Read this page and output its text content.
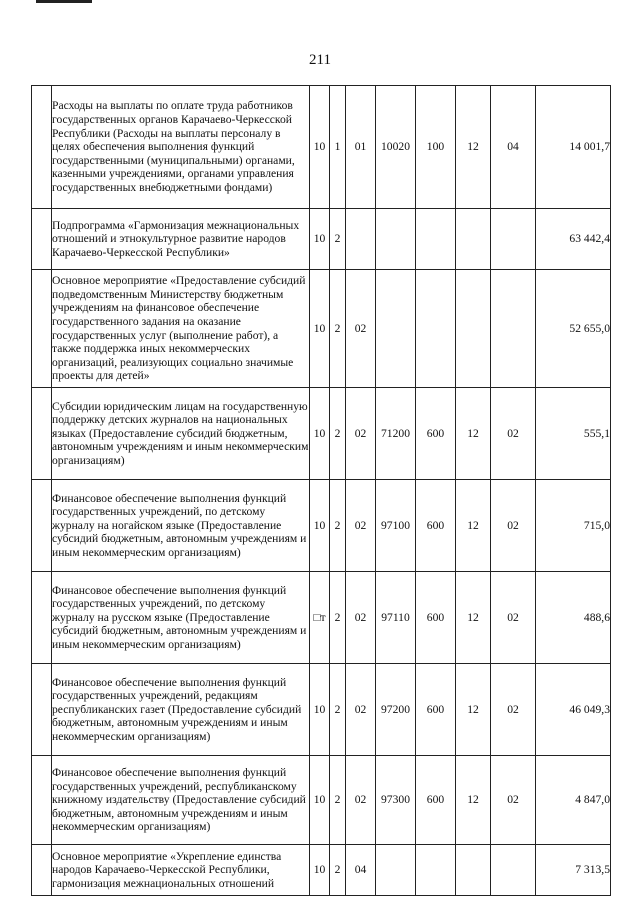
211
	Расходы на выплаты по оплате труда работников государственных органов Карачаево-Черкесской Республики (Расходы на выплаты персоналу в целях обеспечения выполнения функций государственными (муниципальными) органами, казенными учреждениями, органами управления государственных внебюджетными фондами)	10	1	01	10020	100	12	04	14 001,7
	Подпрограмма «Гармонизация межнациональных отношений и этнокультурное развитие народов Карачаево-Черкесской Республики»	10	2						63 442,4
	Основное мероприятие «Предоставление субсидий подведомственным Министерству бюджетным учреждениям на финансовое обеспечение государственного задания на оказание государственных услуг (выполнение работ), а также поддержка иных некоммерческих организаций, реализующих социально значимые проекты для детей»	10	2	02					52 655,0
	Субсидии юридическим лицам на государственную поддержку детских журналов на национальных языках (Предоставление субсидий бюджетным, автономным учреждениям и иным некоммерческим организациям)	10	2	02	71200	600	12	02	555,1
	Финансовое обеспечение выполнения функций государственных учреждений, по детскому журналу на ногайском языке (Предоставление субсидий бюджетным, автономным учреждениям и иным некоммерческим организациям)	10	2	02	97100	600	12	02	715,0
	Финансовое обеспечение выполнения функций государственных учреждений, по детскому журналу на русском языке (Предоставление субсидий бюджетным, автономным учреждениям и иным некоммерческим организациям)	□т	2	02	97110	600	12	02	488,6
	Финансовое обеспечение выполнения функций государственных учреждений, редакциям республиканских газет (Предоставление субсидий бюджетным, автономным учреждениям и иным некоммерческим организациям)	10	2	02	97200	600	12	02	46 049,3
	Финансовое обеспечение выполнения функций государственных учреждений, республиканскому книжному издательству (Предоставление субсидий бюджетным, автономным учреждениям и иным некоммерческим организациям)	10	2	02	97300	600	12	02	4 847,0
	Основное мероприятие «Укрепление единства народов Карачаево-Черкесской Республики, гармонизация межнациональных отношений	10	2	04					7 313,5
